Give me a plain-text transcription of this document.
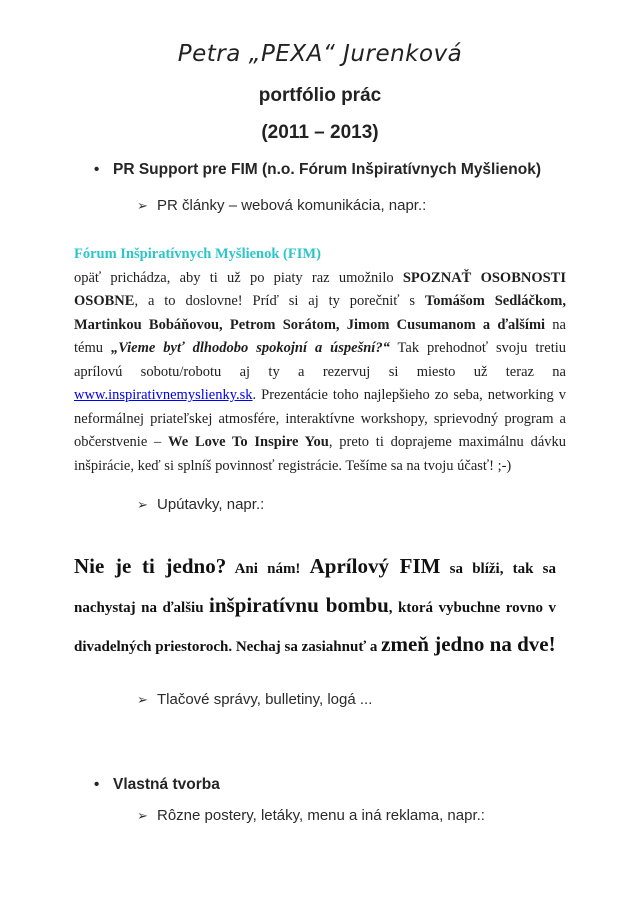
Petra „PEXA“ Jurenková
portfólio prác
(2011 – 2013)
• PR Support pre FIM (n.o. Fórum Inšpiratívnych Myšlienok)
➢ PR články – webová komunikácia, napr.:
Fórum Inšpiratívnych Myšlienok (FIM)

opäť prichádza, aby ti už po piaty raz umožnilo SPOZNAŤ OSOBNOSTI OSOBNE, a to doslovne! Príď si aj ty porečniť s Tomášom Sedláčkom, Martinkou Bobáňovou, Petrom Sorátom, Jimom Cusumanom a ďalšími na tému „Vieme byť dlhodobo spokojní a úspešní?“ Tak prehodnoť svoju tretiu aprílovú sobotu/robotu aj ty a rezervuj si miesto už teraz na www.inspirativnemyslienky.sk. Prezentácie toho najlepšieho zo seba, networking v neformálnej priateľskej atmosfére, interaktívne workshopy, sprievodný program a občerstvenie – We Love To Inspire You, preto ti doprajeme maximálnu dávku inšpirácie, keď si splníš povinnosť registrácie. Tešíme sa na tvoju účasť! ;-)

➢ Upútavky, napr.:

Nie je ti jedno? Ani nám! Aprílový FIM sa blíži, tak sa nachystaj na ďalšiu inšpiratívnu bombu, ktorá vybuchne rovno v divadelných priestoroch. Nechaj sa zasiahnuť a zmeň jedno na dve!

➢ Tlačové správy, bulletiny, logá ...
• Vlastná tvorba
➢ Rôzne postery, letáky, menu a iná reklama, napr.:
